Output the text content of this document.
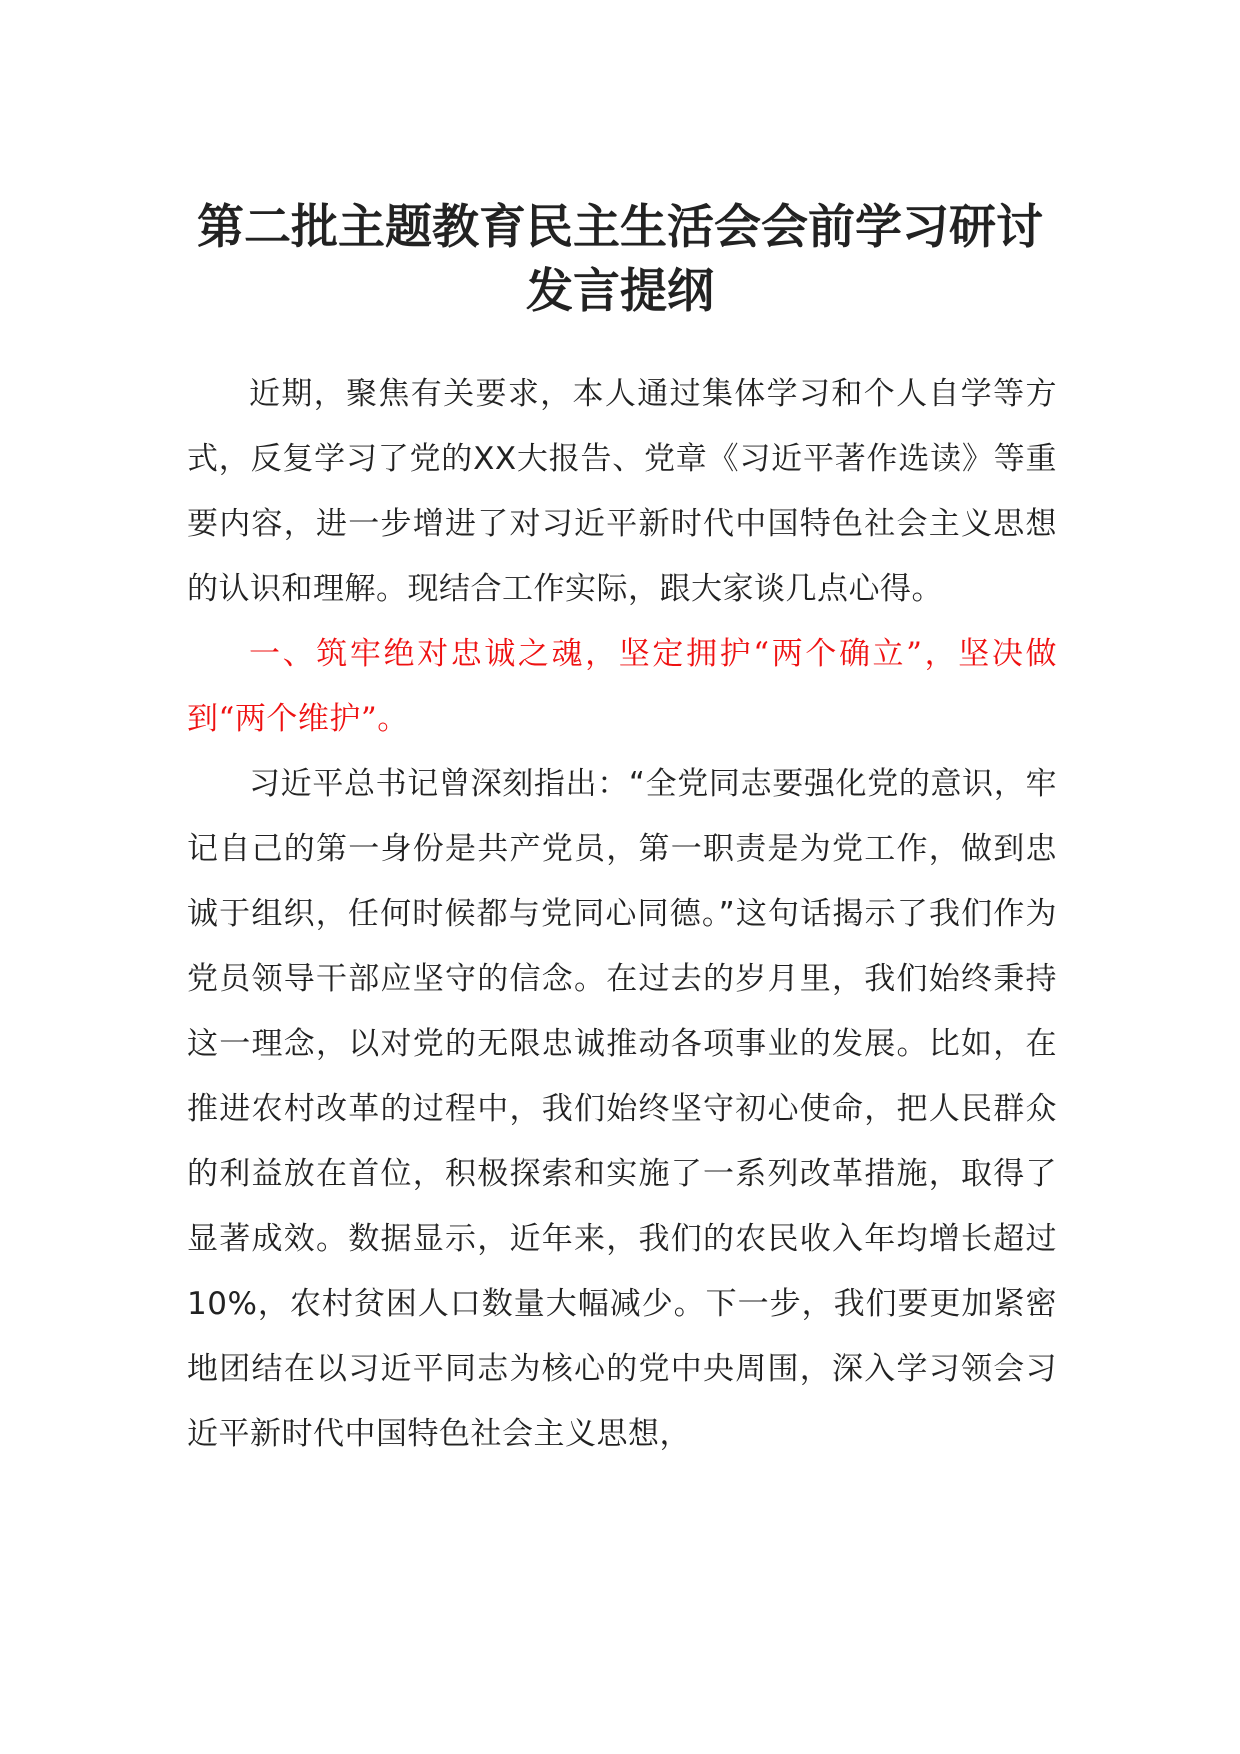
第二批主题教育民主生活会会前学习研讨发言提纲

近期，聚焦有关要求，本人通过集体学习和个人自学等方式，反复学习了党的XX大报告、党章《习近平著作选读》等重要内容，进一步增进了对习近平新时代中国特色社会主义思想的认识和理解。现结合工作实际，跟大家谈几点心得。

一、筑牢绝对忠诚之魂，坚定拥护“两个确立”，坚决做到“两个维护”。

习近平总书记曾深刻指出：“全党同志要强化党的意识，牢记自己的第一身份是共产党员，第一职责是为党工作，做到忠诚于组织，任何时候都与党同心同德。”这句话揭示了我们作为党员领导干部应坚守的信念。在过去的岁月里，我们始终秉持这一理念，以对党的无限忠诚推动各项事业的发展。比如，在推进农村改革的过程中，我们始终坚守初心使命，把人民群众的利益放在首位，积极探索和实施了一系列改革措施，取得了显著成效。数据显示，近年来，我们的农民收入年均增长超过10%，农村贫困人口数量大幅减少。下一步，我们要更加紧密地团结在以习近平同志为核心的党中央周围，深入学习领会习近平新时代中国特色社会主义思想，
